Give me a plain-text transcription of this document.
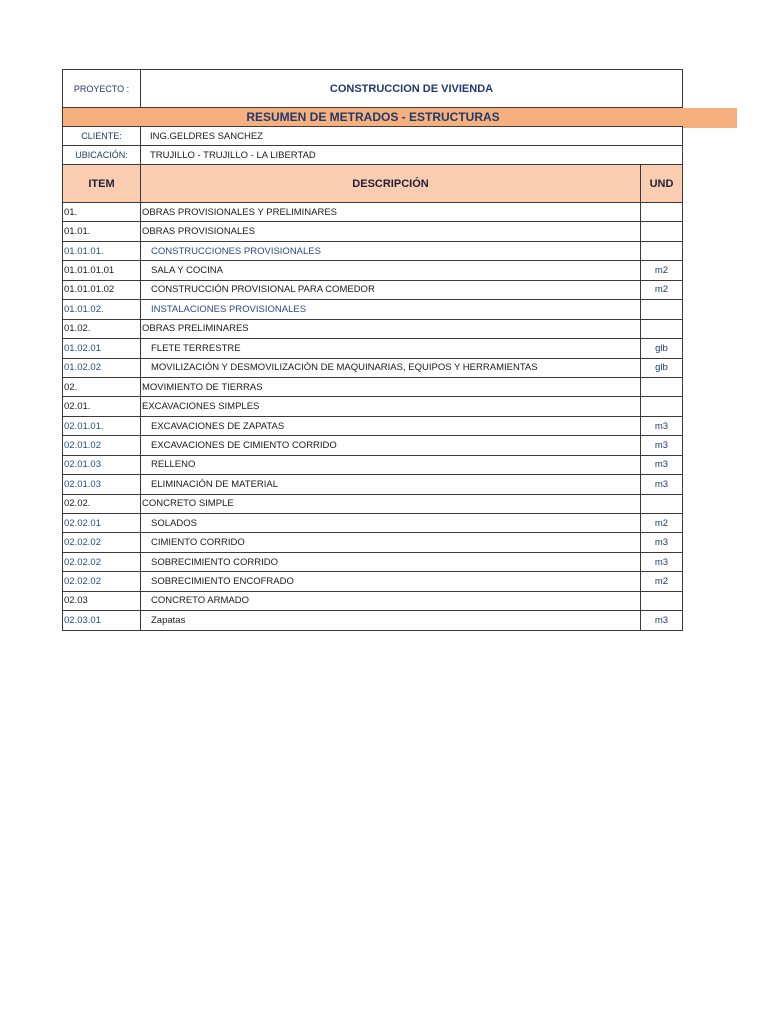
PROYECTO :	CONSTRUCCION DE VIVIENDA
RESUMEN DE METRADOS - ESTRUCTURAS
CLIENTE:	ING.GELDRES SANCHEZ
UBICACIÓN:	TRUJILLO - TRUJILLO - LA LIBERTAD
ITEM	DESCRIPCIÓN	UND
01.	OBRAS PROVISIONALES Y PRELIMINARES
01.01.	OBRAS PROVISIONALES
01.01.01.	CONSTRUCCIONES PROVISIONALES
01.01.01.01	SALA Y COCINA	m2
01.01.01.02	CONSTRUCCIÓN PROVISIONAL PARA COMEDOR	m2
01.01.02.	INSTALACIONES PROVISIONALES
01.02.	OBRAS PRELIMINARES
01.02.01	FLETE TERRESTRE	glb
01.02.02	MOVILIZACIÓN Y DESMOVILIZACIÓN DE MAQUINARIAS, EQUIPOS Y HERRAMIENTAS	glb
02.	MOVIMIENTO DE TIERRAS
02.01.	EXCAVACIONES SIMPLES
02.01.01.	EXCAVACIONES DE ZAPATAS	m3
02.01.02	EXCAVACIONES DE CIMIENTO CORRIDO	m3
02.01.03	RELLENO	m3
02.01.03	ELIMINACIÓN DE MATERIAL	m3
02.02.	CONCRETO SIMPLE
02.02.01	SOLADOS	m2
02.02.02	CIMIENTO CORRIDO	m3
02.02.02	SOBRECIMIENTO CORRIDO	m3
02.02.02	SOBRECIMIENTO ENCOFRADO	m2
02.03	CONCRETO ARMADO
02.03.01	Zapatas	m3
